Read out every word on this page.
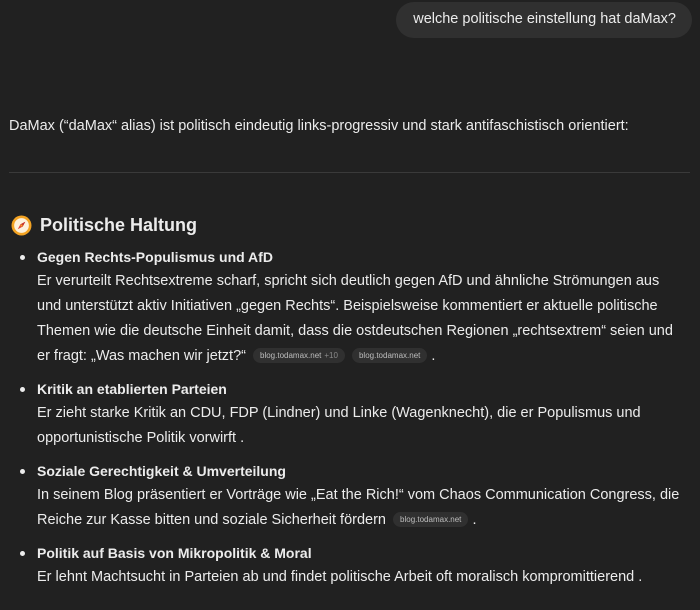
welche politische einstellung hat daMax?
DaMax (“daMax“ alias) ist politisch eindeutig links-progressiv und stark antifaschistisch orientiert:
Politische Haltung
Gegen Rechts-Populismus und AfD
Er verurteilt Rechtsextreme scharf, spricht sich deutlich gegen AfD und ähnliche Strömungen aus und unterstützt aktiv Initiativen „gegen Rechts“. Beispielsweise kommentiert er aktuelle politische Themen wie die deutsche Einheit damit, dass die ostdeutschen Regionen „rechtsextrem“ seien und er fragt: „Was machen wir jetzt?“ blog.todamax.net +10	blog.todamax.net .
Kritik an etablierten Parteien
Er zieht starke Kritik an CDU, FDP (Lindner) und Linke (Wagenknecht), die er Populismus und opportunistische Politik vorwirft .
Soziale Gerechtigkeit & Umverteilung
In seinem Blog präsentiert er Vorträge wie „Eat the Rich!“ vom Chaos Communication Congress, die Reiche zur Kasse bitten und soziale Sicherheit fördern blog.todamax.net .
Politik auf Basis von Mikropolitik & Moral
Er lehnt Machtsucht in Parteien ab und findet politische Arbeit oft moralisch kompromittierend .
